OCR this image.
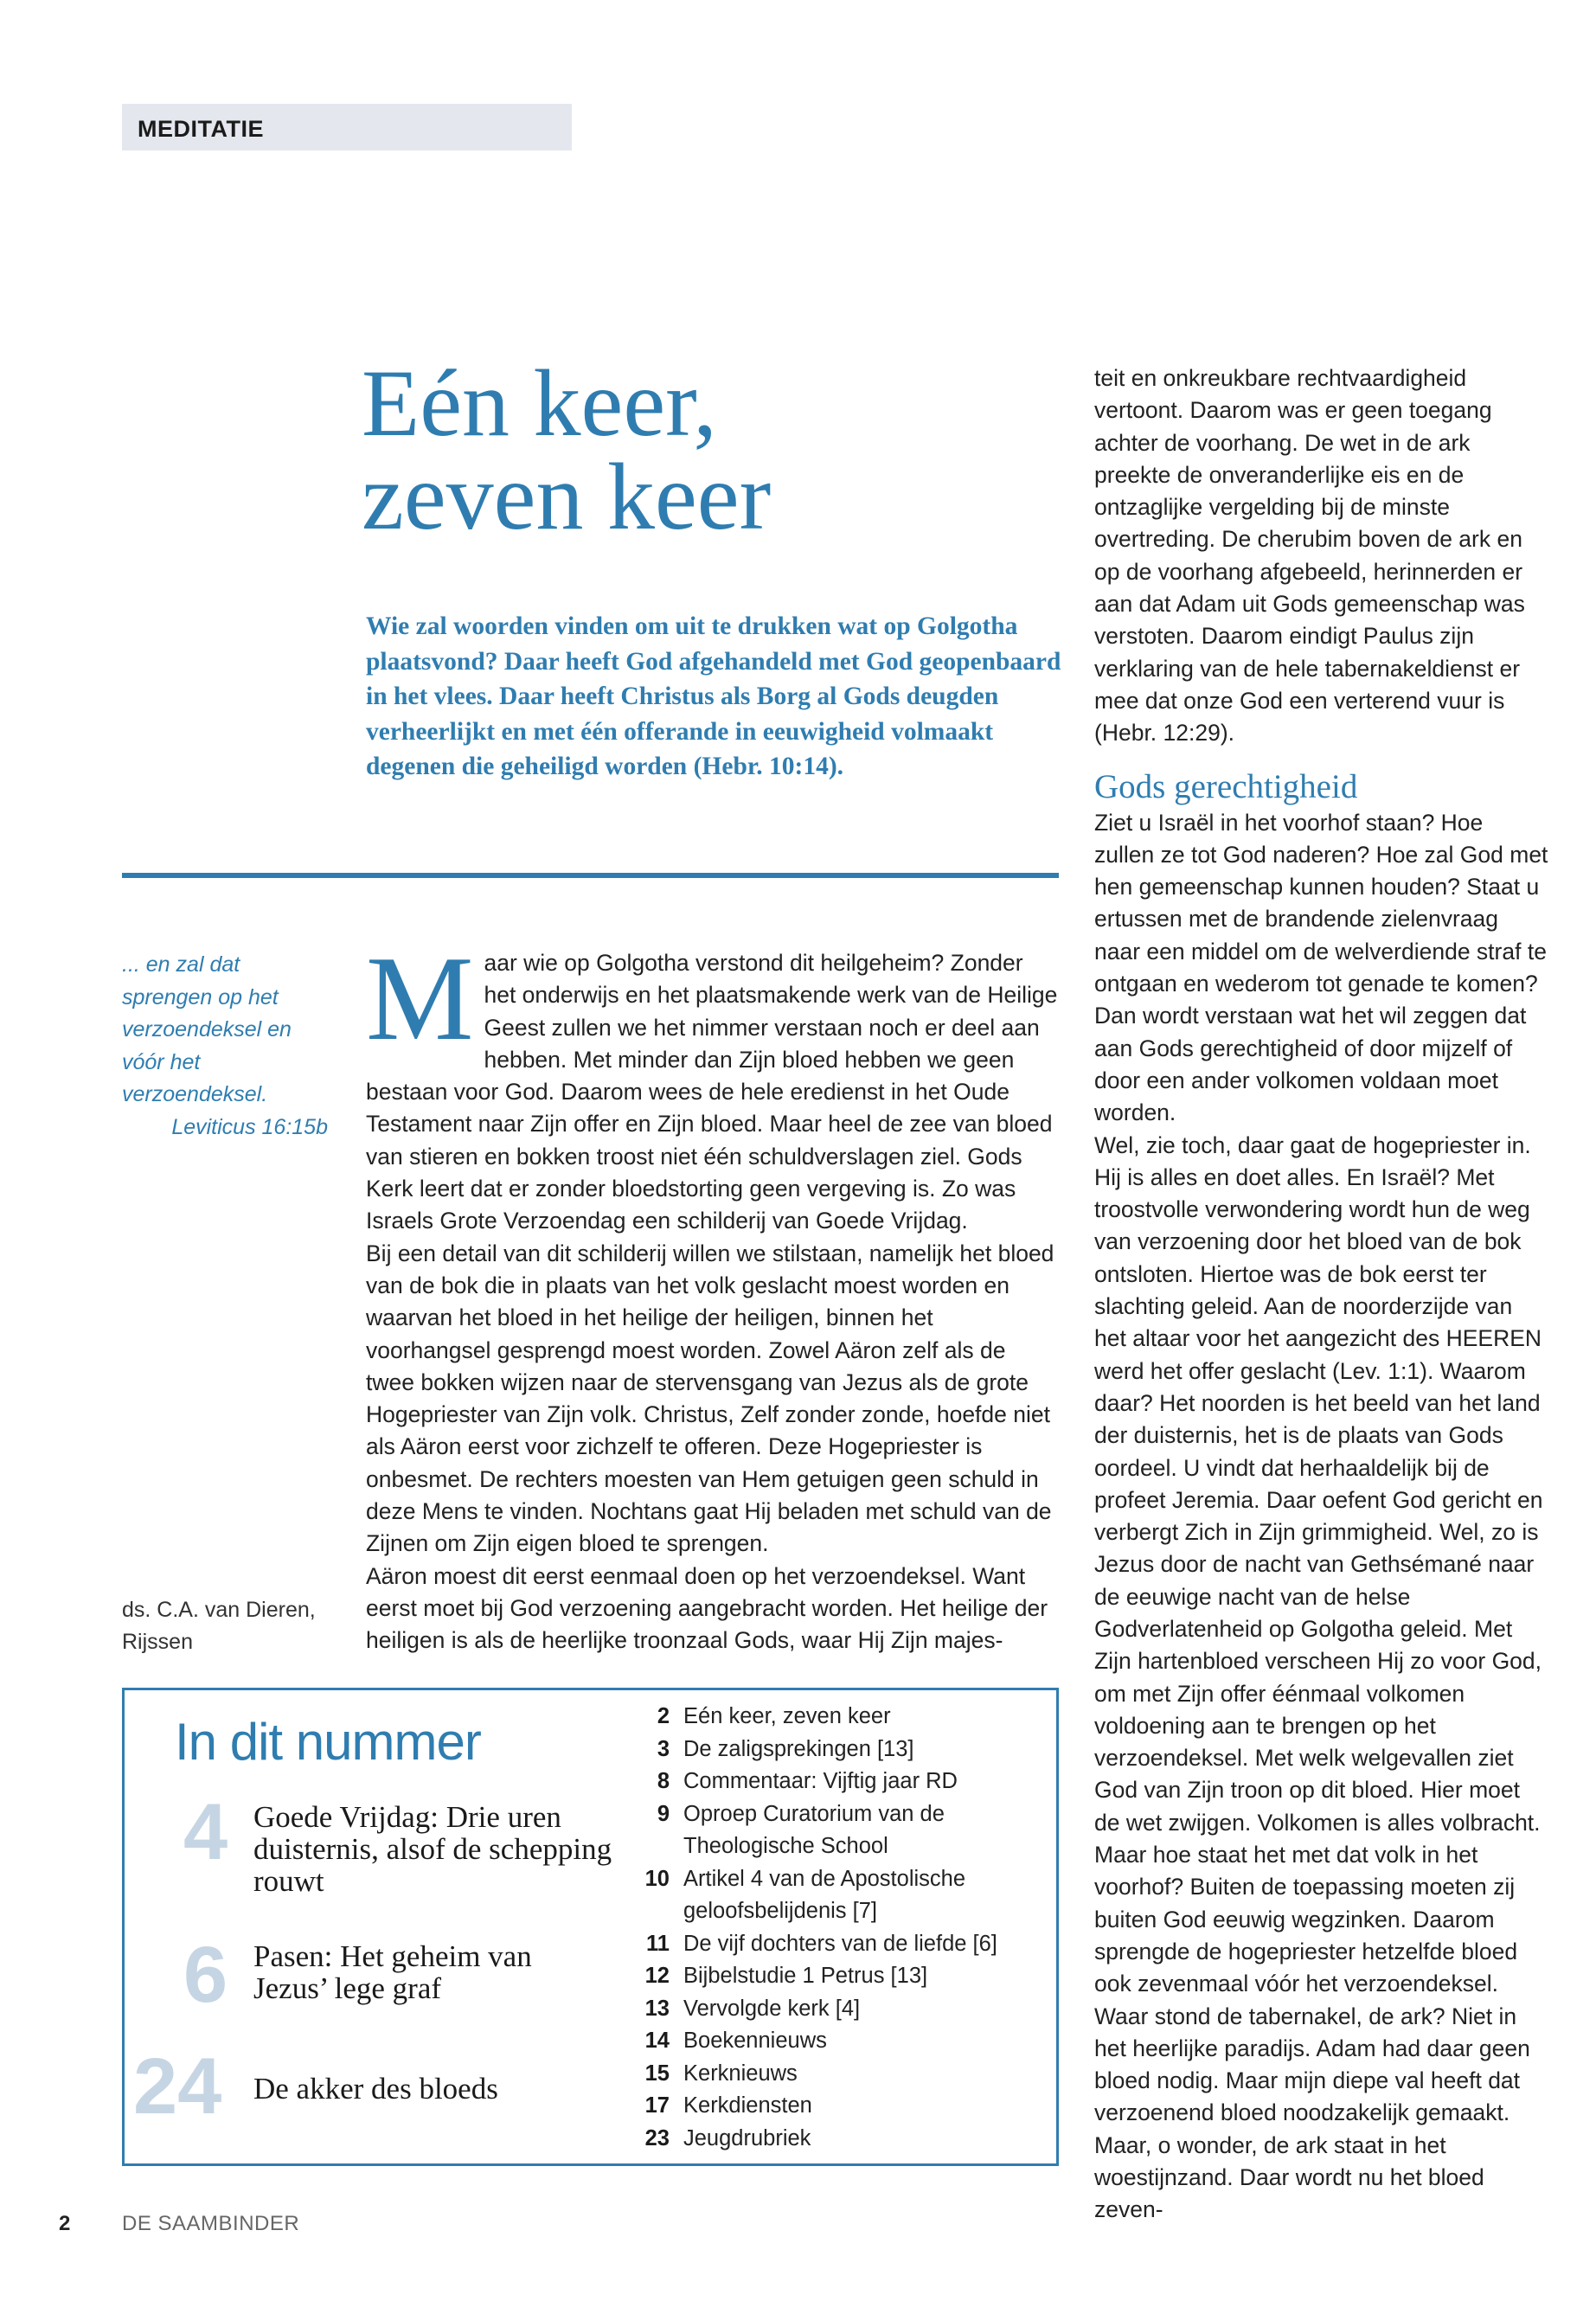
MEDITATIE
Eén keer,
zeven keer
Wie zal woorden vinden om uit te drukken wat op Golgotha plaatsvond? Daar heeft God afgehandeld met God geopenbaard in het vlees. Daar heeft Christus als Borg al Gods deugden verheerlijkt en met één offerande in eeuwigheid volmaakt degenen die geheiligd worden (Hebr. 10:14).
... en zal dat sprengen op het verzoendeksel en vóór het verzoendeksel.
Leviticus 16:15b
ds. C.A. van Dieren,
Rijssen
M aar wie op Golgotha verstond dit heilgeheim? Zonder het onderwijs en het plaatsmakende werk van de Heilige Geest zullen we het nimmer verstaan noch er deel aan hebben. Met minder dan Zijn bloed hebben we geen bestaan voor God. Daarom wees de hele eredienst in het Oude Testament naar Zijn offer en Zijn bloed. Maar heel de zee van bloed van stieren en bokken troost niet één schuldverslagen ziel. Gods Kerk leert dat er zonder bloedstorting geen vergeving is. Zo was Israels Grote Verzoendag een schilderij van Goede Vrijdag.

Bij een detail van dit schilderij willen we stilstaan, namelijk het bloed van de bok die in plaats van het volk geslacht moest worden en waarvan het bloed in het heilige der heiligen, binnen het voorhangsel gesprengd moest worden. Zowel Aäron zelf als de twee bokken wijzen naar de stervensgang van Jezus als de grote Hogepriester van Zijn volk. Christus, Zelf zonder zonde, hoefde niet als Aäron eerst voor zichzelf te offeren. Deze Hogepriester is onbesmet. De rechters moesten van Hem getuigen geen schuld in deze Mens te vinden. Nochtans gaat Hij beladen met schuld van de Zijnen om Zijn eigen bloed te sprengen.

Aäron moest dit eerst eenmaal doen op het verzoendeksel. Want eerst moet bij God verzoening aangebracht worden. Het heilige der heiligen is als de heerlijke troonzaal Gods, waar Hij Zijn majes-

teit en onkreukbare rechtvaardigheid vertoont. Daarom was er geen toegang achter de voorhang. De wet in de ark preekte de onveranderlijke eis en de ontzaglijke vergelding bij de minste overtreding. De cherubim boven de ark en op de voorhang afgebeeld, herinnerden er aan dat Adam uit Gods gemeenschap was verstoten. Daarom eindigt Paulus zijn verklaring van de hele tabernakeldienst er mee dat onze God een verterend vuur is (Hebr. 12:29).

Gods gerechtigheid

Ziet u Israël in het voorhof staan? Hoe zullen ze tot God naderen? Hoe zal God met hen gemeenschap kunnen houden? Staat u ertussen met de brandende zielenvraag naar een middel om de welverdiende straf te ontgaan en wederom tot genade te komen? Dan wordt verstaan wat het wil zeggen dat aan Gods gerechtigheid of door mijzelf of door een ander volkomen voldaan moet worden.

Wel, zie toch, daar gaat de hogepriester in. Hij is alles en doet alles. En Israël? Met troostvolle verwondering wordt hun de weg van verzoening door het bloed van de bok ontsloten. Hiertoe was de bok eerst ter slachting geleid. Aan de noorderzijde van het altaar voor het aangezicht des HEEREN werd het offer geslacht (Lev. 1:1). Waarom daar? Het noorden is het beeld van het land der duisternis, het is de plaats van Gods oordeel. U vindt dat herhaaldelijk bij de profeet Jeremia. Daar oefent God gericht en verbergt Zich in Zijn grimmigheid. Wel, zo is Jezus door de nacht van Gethsémané naar de eeuwige nacht van de helse Godverlatenheid op Golgotha geleid. Met Zijn hartenbloed verscheen Hij zo voor God, om met Zijn offer éénmaal volkomen voldoening aan te brengen op het verzoendeksel. Met welk welgevallen ziet God van Zijn troon op dit bloed. Hier moet de wet zwijgen. Volkomen is alles volbracht. Maar hoe staat het met dat volk in het voorhof? Buiten de toepassing moeten zij buiten God eeuwig wegzinken. Daarom sprengde de hogepriester hetzelfde bloed ook zevenmaal vóór het verzoendeksel. Waar stond de tabernakel, de ark? Niet in het heerlijke paradijs. Adam had daar geen bloed nodig. Maar mijn diepe val heeft dat verzoenend bloed noodzakelijk gemaakt. Maar, o wonder, de ark staat in het woestijnzand. Daar wordt nu het bloed zeven-

In dit nummer
4 Goede Vrijdag: Drie uren duisternis, alsof de schepping rouwt
6 Pasen: Het geheim van Jezus’ lege graf
24 De akker des bloeds
2 Eén keer, zeven keer
3 De zaligsprekingen [13]
8 Commentaar: Vijftig jaar RD
9 Oproep Curatorium van de Theologische School
10 Artikel 4 van de Apostolische geloofsbelijdenis [7]
11 De vijf dochters van de liefde [6]
12 Bijbelstudie 1 Petrus [13]
13 Vervolgde kerk [4]
14 Boekennieuws
15 Kerknieuws
17 Kerkdiensten
23 Jeugdrubriek
2 DE SAAMBINDER
